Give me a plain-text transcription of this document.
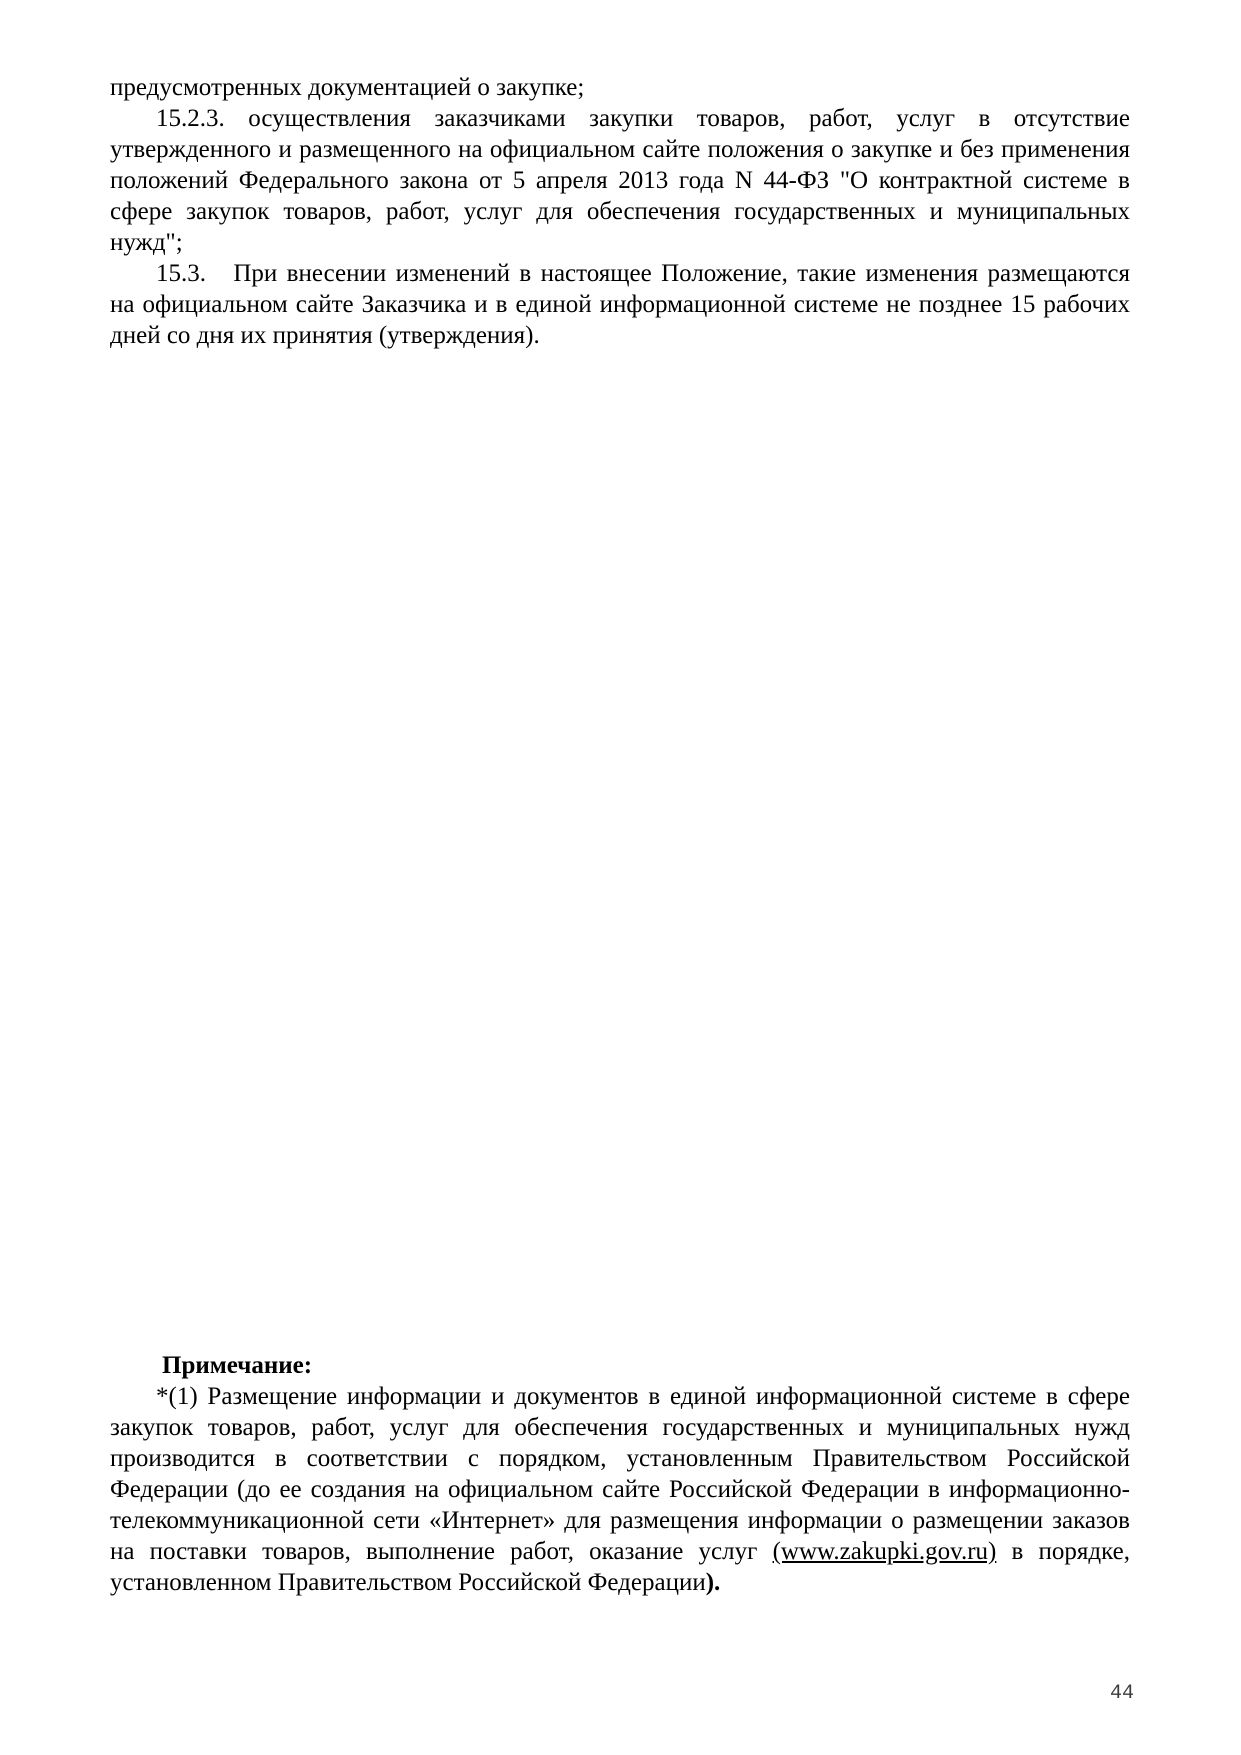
предусмотренных документацией о закупке;

15.2.3. осуществления заказчиками закупки товаров, работ, услуг в отсутствие утвержденного и размещенного на официальном сайте положения о закупке и без применения положений Федерального закона от 5 апреля 2013 года N 44-ФЗ "О контрактной системе в сфере закупок товаров, работ, услуг для обеспечения государственных и муниципальных нужд";

15.3. При внесении изменений в настоящее Положение, такие изменения размещаются на официальном сайте Заказчика и в единой информационной системе не позднее 15 рабочих дней со дня их принятия (утверждения).

Примечание:

*(1) Размещение информации и документов в единой информационной системе в сфере закупок товаров, работ, услуг для обеспечения государственных и муниципальных нужд производится в соответствии с порядком, установленным Правительством Российской Федерации (до ее создания на официальном сайте Российской Федерации в информационно-телекоммуникационной сети «Интернет» для размещения информации о размещении заказов на поставки товаров, выполнение работ, оказание услуг (www.zakupki.gov.ru) в порядке, установленном Правительством Российской Федерации).

44
